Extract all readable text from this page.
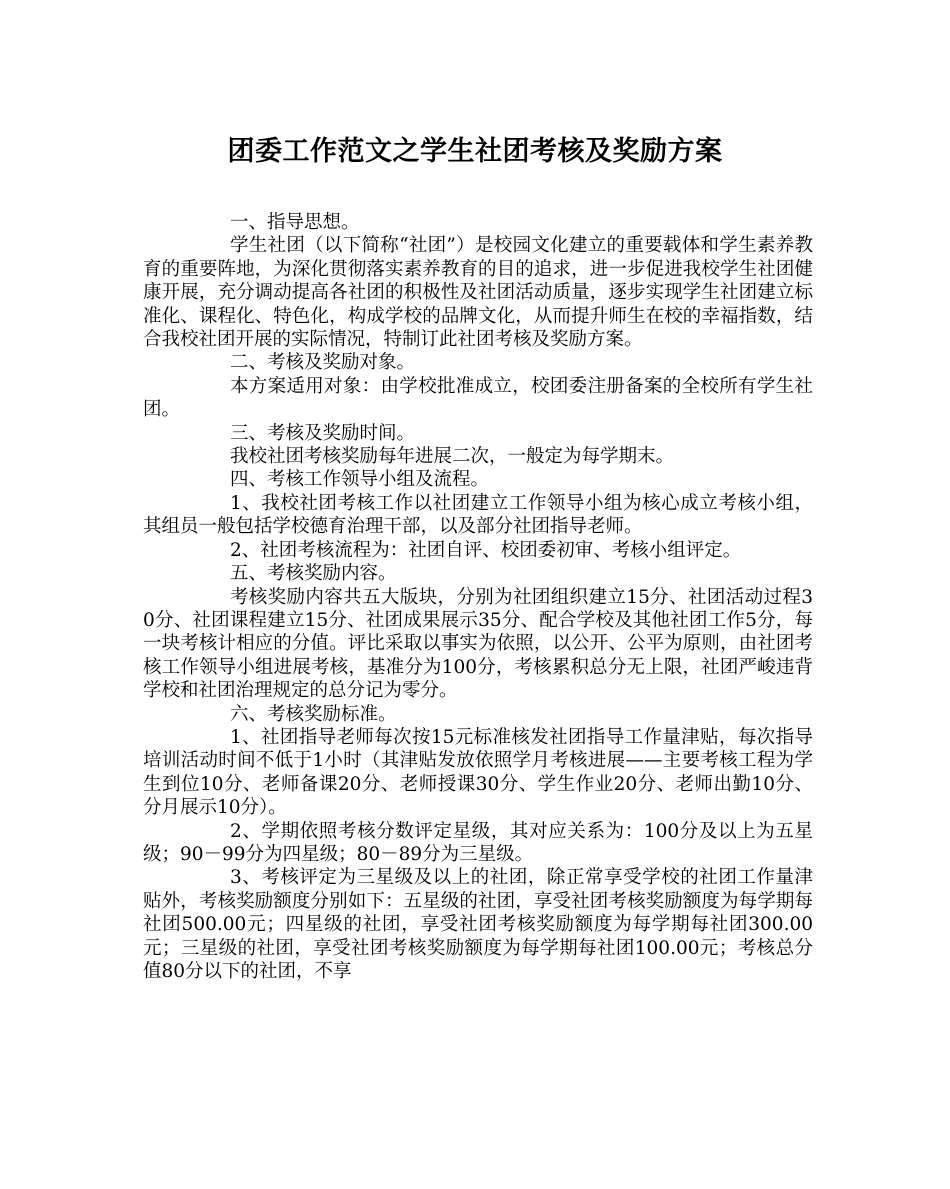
团委工作范文之学生社团考核及奖励方案

一、指导思想。

学生社团（以下简称“社团”）是校园文化建立的重要载体和学生素养教育的重要阵地，为深化贯彻落实素养教育的目的追求，进一步促进我校学生社团健康开展，充分调动提高各社团的积极性及社团活动质量，逐步实现学生社团建立标准化、课程化、特色化，构成学校的品牌文化，从而提升师生在校的幸福指数，结合我校社团开展的实际情况，特制订此社团考核及奖励方案。

二、考核及奖励对象。

本方案适用对象：由学校批准成立，校团委注册备案的全校所有学生社团。

三、考核及奖励时间。

我校社团考核奖励每年进展二次，一般定为每学期末。

四、考核工作领导小组及流程。

1、我校社团考核工作以社团建立工作领导小组为核心成立考核小组，其组员一般包括学校德育治理干部，以及部分社团指导老师。

2、社团考核流程为：社团自评、校团委初审、考核小组评定。

五、考核奖励内容。

考核奖励内容共五大版块，分别为社团组织建立15分、社团活动过程30分、社团课程建立15分、社团成果展示35分、配合学校及其他社团工作5分，每一块考核计相应的分值。评比采取以事实为依照，以公开、公平为原则，由社团考核工作领导小组进展考核，基准分为100分，考核累积总分无上限，社团严峻违背学校和社团治理规定的总分记为零分。

六、考核奖励标准。

1、社团指导老师每次按15元标准核发社团指导工作量津贴，每次指导培训活动时间不低于1小时（其津贴发放依照学月考核进展——主要考核工程为学生到位10分、老师备课20分、老师授课30分、学生作业20分、老师出勤10分、分月展示10分）。

2、学期依照考核分数评定星级，其对应关系为：100分及以上为五星级；90－99分为四星级；80－89分为三星级。

3、考核评定为三星级及以上的社团，除正常享受学校的社团工作量津贴外，考核奖励额度分别如下：五星级的社团，享受社团考核奖励额度为每学期每社团500.00元；四星级的社团，享受社团考核奖励额度为每学期每社团300.00元；三星级的社团，享受社团考核奖励额度为每学期每社团100.00元；考核总分值80分以下的社团，不享
